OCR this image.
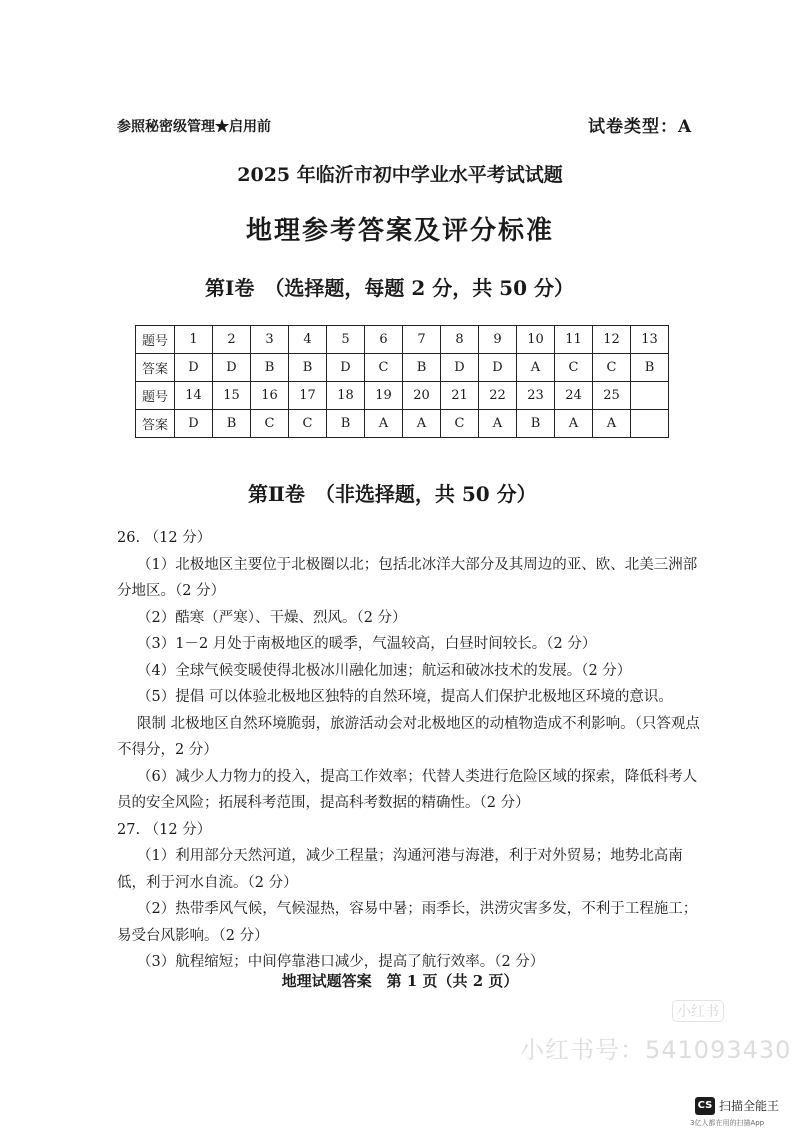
参照秘密级管理★启用前	试卷类型：A
2025 年临沂市初中学业水平考试试题
地理参考答案及评分标准
第Ⅰ卷　（选择题，每题 2 分，共 50 分）
题号	1	2	3	4	5	6	7	8	9	10	11	12	13
答案	D	D	B	B	D	C	B	D	D	A	C	C	B
题号	14	15	16	17	18	19	20	21	22	23	24	25	
答案	D	B	C	C	B	A	A	C	A	B	A	A	
第Ⅱ卷　（非选择题，共 50 分）

26. （12 分）

（1）北极地区主要位于北极圈以北；包括北冰洋大部分及其周边的亚、欧、北美三洲部分地区。（2 分）

（2）酷寒（严寒）、干燥、烈风。（2 分）

（3）1－2 月处于南极地区的暖季，气温较高，白昼时间较长。（2 分）

（4）全球气候变暖使得北极冰川融化加速；航运和破冰技术的发展。（2 分）

（5）提倡 可以体验北极地区独特的自然环境，提高人们保护北极地区环境的意识。

限制 北极地区自然环境脆弱，旅游活动会对北极地区的动植物造成不利影响。（只答观点不得分，2 分）

（6）减少人力物力的投入，提高工作效率；代替人类进行危险区域的探索，降低科考人员的安全风险；拓展科考范围，提高科考数据的精确性。（2 分）

27. （12 分）

（1）利用部分天然河道，减少工程量；沟通河港与海港，利于对外贸易；地势北高南低，利于河水自流。（2 分）

（2）热带季风气候，气候湿热，容易中暑；雨季长，洪涝灾害多发，不利于工程施工；易受台风影响。（2 分）

（3）航程缩短；中间停靠港口减少，提高了航行效率。（2 分）

地理试题答案　第 1 页（共 2 页）
小红书
小红书号：541093430
CS 扫描全能王
3亿人都在用的扫描App
